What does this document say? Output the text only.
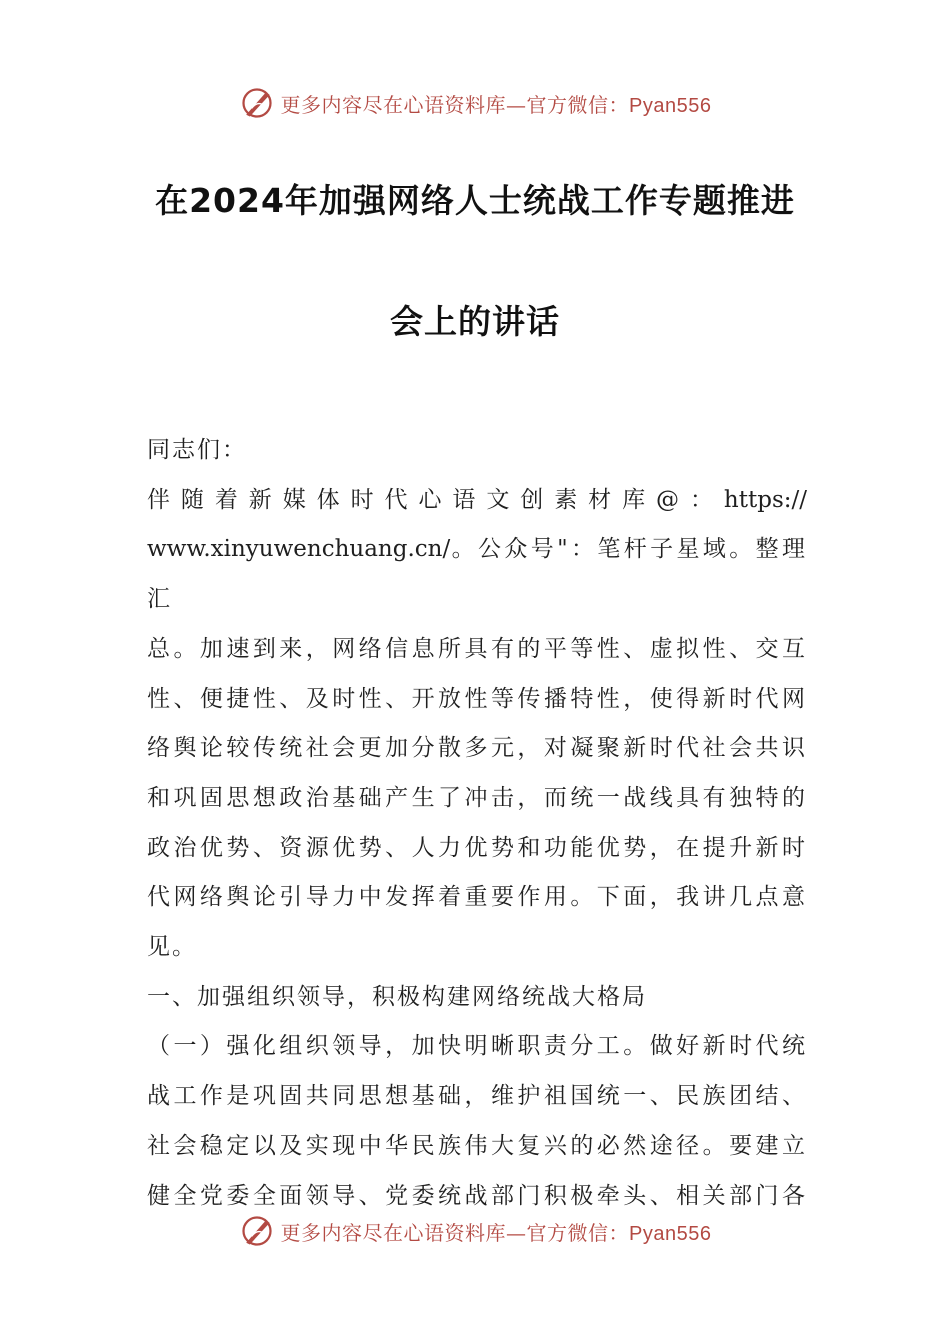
更多内容尽在心语资料库—官方微信：Pyan556
在2024年加强网络人士统战工作专题推进
会上的讲话

同志们：

伴随着新媒体时代心语文创素材库@：https://

www.xinyuwenchuang.cn/。公众号"：笔杆子星域。整理汇

总。加速到来，网络信息所具有的平等性、虚拟性、交互

性、便捷性、及时性、开放性等传播特性，使得新时代网

络舆论较传统社会更加分散多元，对凝聚新时代社会共识

和巩固思想政治基础产生了冲击，而统一战线具有独特的

政治优势、资源优势、人力优势和功能优势，在提升新时

代网络舆论引导力中发挥着重要作用。下面，我讲几点意

见。

一、加强组织领导，积极构建网络统战大格局

（一）强化组织领导，加快明晰职责分工。做好新时代统

战工作是巩固共同思想基础，维护祖国统一、民族团结、

社会稳定以及实现中华民族伟大复兴的必然途径。要建立

健全党委全面领导、党委统战部门积极牵头、相关部门各

更多内容尽在心语资料库—官方微信：Pyan556
